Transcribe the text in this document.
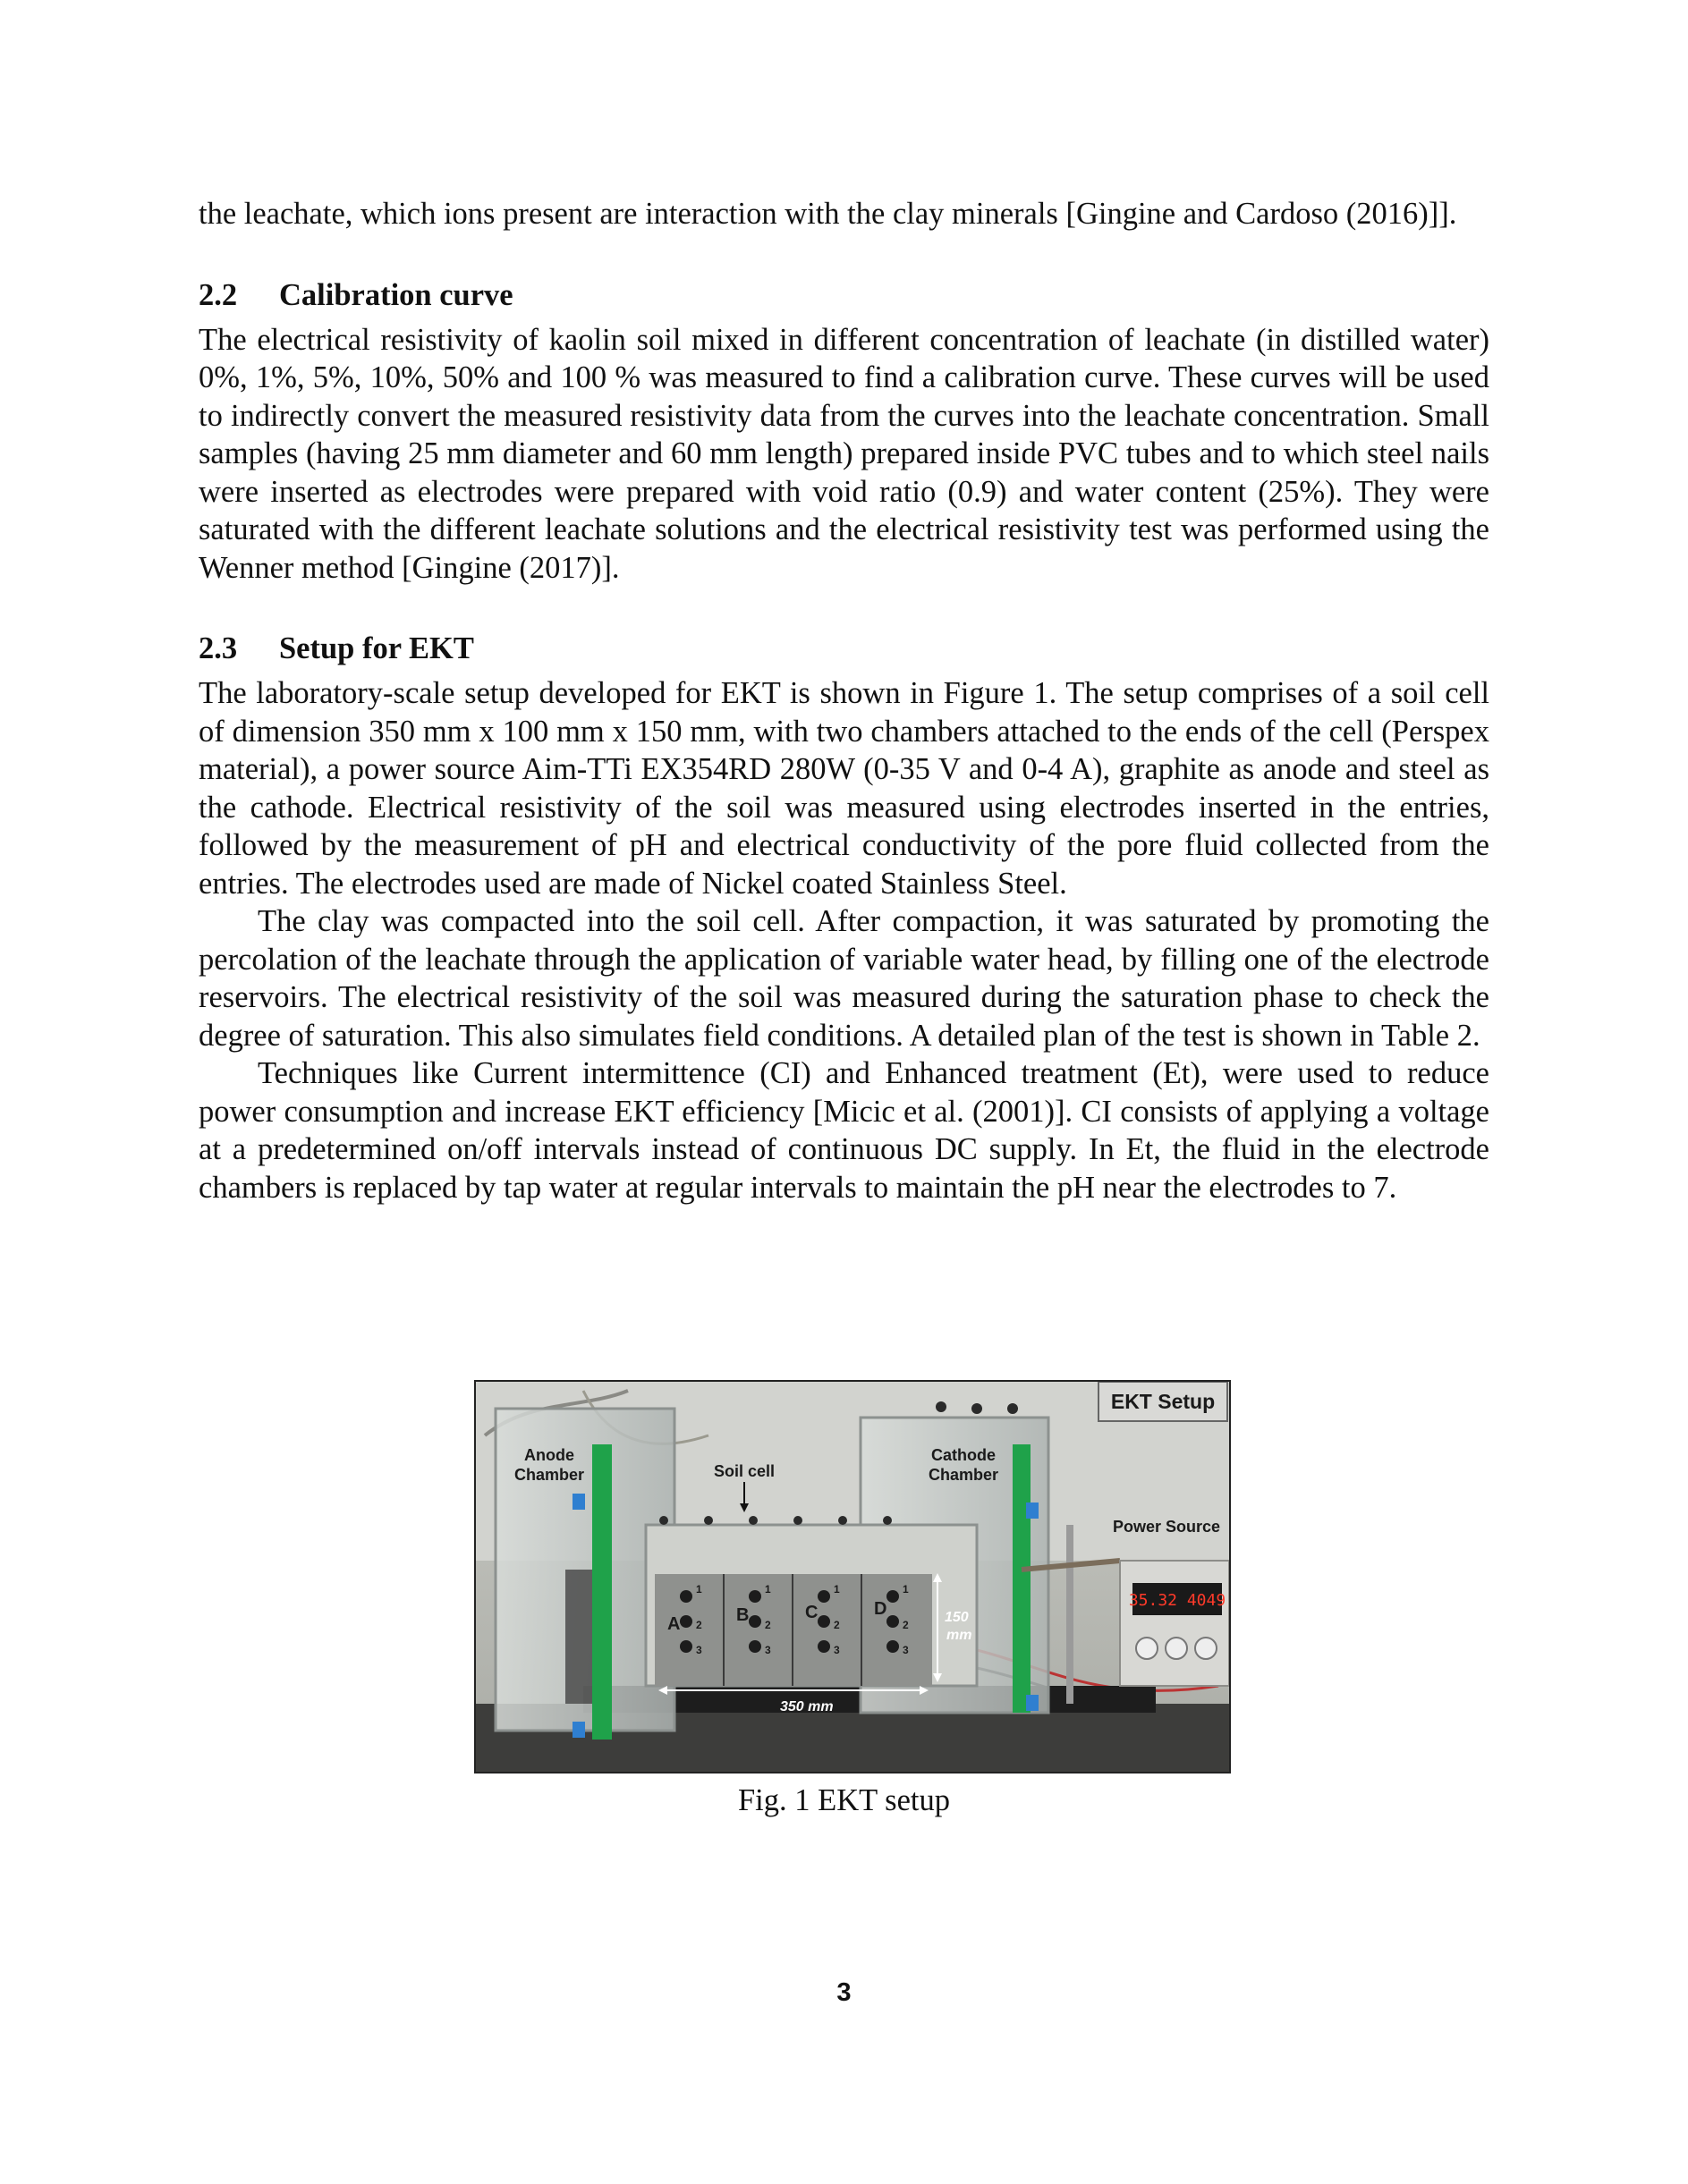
the leachate, which ions present are interaction with the clay minerals [Gingine and Cardoso (2016)]].

2.2 Calibration curve

The electrical resistivity of kaolin soil mixed in different concentration of leachate (in distilled water) 0%, 1%, 5%, 10%, 50% and 100 % was measured to find a calibration curve. These curves will be used to indirectly convert the measured resistivity data from the curves into the leachate concentration. Small samples (having 25 mm diameter and 60 mm length) prepared inside PVC tubes and to which steel nails were inserted as electrodes were prepared with void ratio (0.9) and water content (25%). They were saturated with the different leachate solutions and the electrical resistivity test was performed using the Wenner method [Gingine (2017)].

2.3 Setup for EKT

The laboratory-scale setup developed for EKT is shown in Figure 1. The setup comprises of a soil cell of dimension 350 mm x 100 mm x 150 mm, with two chambers attached to the ends of the cell (Perspex material), a power source Aim-TTi EX354RD 280W (0-35 V and 0-4 A), graphite as anode and steel as the cathode. Electrical resistivity of the soil was measured using electrodes inserted in the entries, followed by the measurement of pH and electrical conductivity of the pore fluid collected from the entries. The electrodes used are made of Nickel coated Stainless Steel.

The clay was compacted into the soil cell. After compaction, it was saturated by promoting the percolation of the leachate through the application of variable water head, by filling one of the electrode reservoirs. The electrical resistivity of the soil was measured during the saturation phase to check the degree of saturation. This also simulates field conditions. A detailed plan of the test is shown in Table 2.

Techniques like Current intermittence (CI) and Enhanced treatment (Et), were used to reduce power consumption and increase EKT efficiency [Micic et al. (2001)]. CI consists of applying a voltage at a predetermined on/off intervals instead of continuous DC supply. In Et, the fluid in the electrode chambers is replaced by tap water at regular intervals to maintain the pH near the electrodes to 7.

EKT Setup
Anode
Chamber	Soil cell
Cathode
Chamber
Power Source
35.32 4049
A	B	C	D
1
2
3
1
2
3
1
2
3
1
2
3
150
mm
350 mm
Fig. 1 EKT setup
3
